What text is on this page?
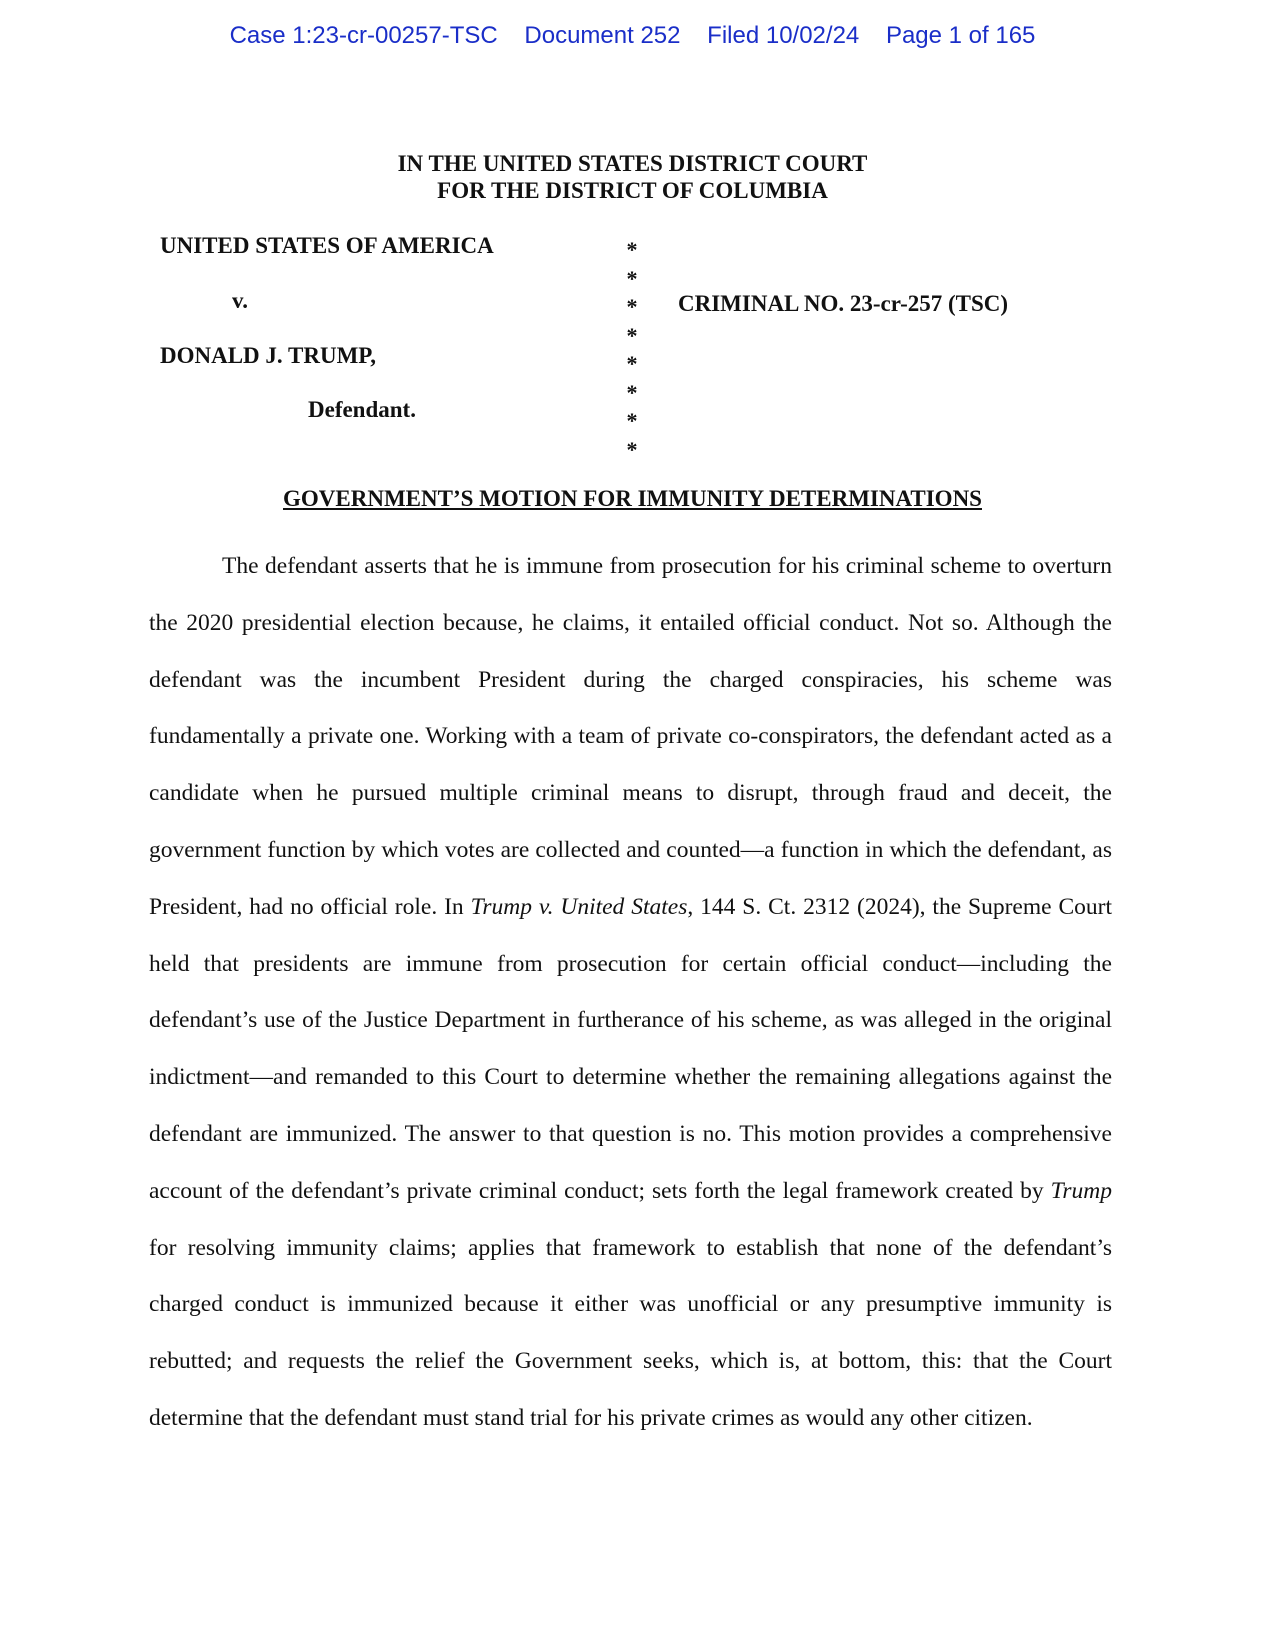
Case 1:23-cr-00257-TSC Document 252 Filed 10/02/24 Page 1 of 165
IN THE UNITED STATES DISTRICT COURT
FOR THE DISTRICT OF COLUMBIA
UNITED STATES OF AMERICA
v.
DONALD J. TRUMP,
Defendant.
*
*
*
*
*
*
*
*
CRIMINAL NO. 23-cr-257 (TSC)
GOVERNMENT’S MOTION FOR IMMUNITY DETERMINATIONS

The defendant asserts that he is immune from prosecution for his criminal scheme to overturn the 2020 presidential election because, he claims, it entailed official conduct. Not so. Although the defendant was the incumbent President during the charged conspiracies, his scheme was fundamentally a private one. Working with a team of private co-conspirators, the defendant acted as a candidate when he pursued multiple criminal means to disrupt, through fraud and deceit, the government function by which votes are collected and counted—a function in which the defendant, as President, had no official role. In Trump v. United States, 144 S. Ct. 2312 (2024), the Supreme Court held that presidents are immune from prosecution for certain official conduct—including the defendant’s use of the Justice Department in furtherance of his scheme, as was alleged in the original indictment—and remanded to this Court to determine whether the remaining allegations against the defendant are immunized. The answer to that question is no. This motion provides a comprehensive account of the defendant’s private criminal conduct; sets forth the legal framework created by Trump for resolving immunity claims; applies that framework to establish that none of the defendant’s charged conduct is immunized because it either was unofficial or any presumptive immunity is rebutted; and requests the relief the Government seeks, which is, at bottom, this: that the Court determine that the defendant must stand trial for his private crimes as would any other citizen.
